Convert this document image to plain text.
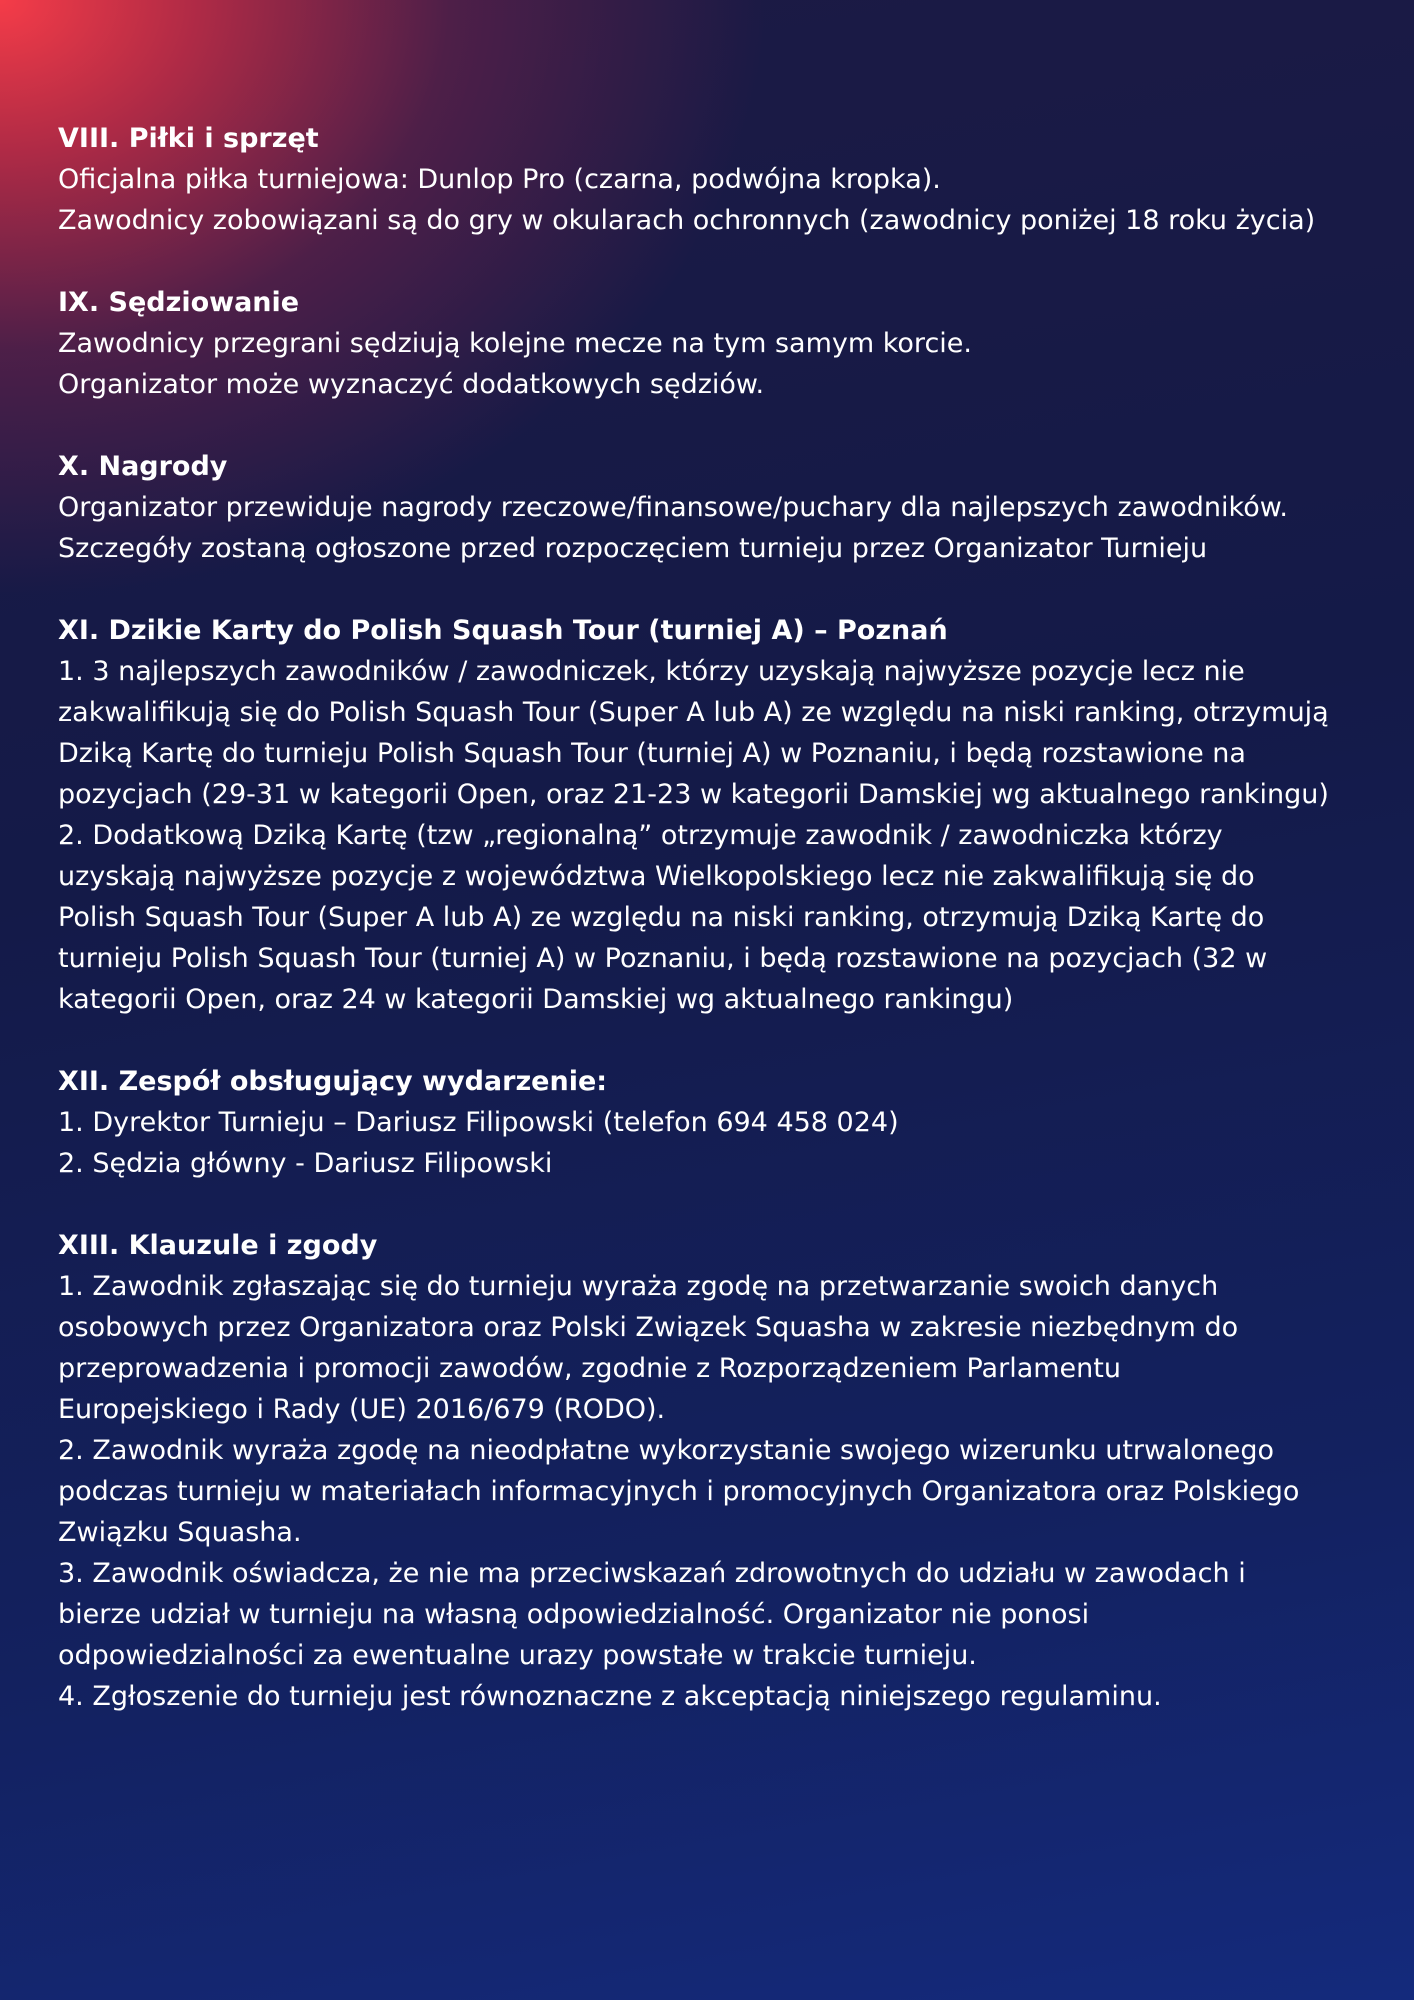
VIII. Piłki i sprzęt

Oficjalna piłka turniejowa: Dunlop Pro (czarna, podwójna kropka).

Zawodnicy zobowiązani są do gry w okularach ochronnych (zawodnicy poniżej 18 roku życia)

IX. Sędziowanie

Zawodnicy przegrani sędziują kolejne mecze na tym samym korcie.

Organizator może wyznaczyć dodatkowych sędziów.

X. Nagrody

Organizator przewiduje nagrody rzeczowe/finansowe/puchary dla najlepszych zawodników.

Szczegóły zostaną ogłoszone przed rozpoczęciem turnieju przez Organizator Turnieju

XI. Dzikie Karty do Polish Squash Tour (turniej A) – Poznań

1. 3 najlepszych zawodników / zawodniczek, którzy uzyskają najwyższe pozycje lecz nie

zakwalifikują się do Polish Squash Tour (Super A lub A) ze względu na niski ranking, otrzymują

Dziką Kartę do turnieju Polish Squash Tour (turniej A) w Poznaniu, i będą rozstawione na

pozycjach (29-31 w kategorii Open, oraz 21-23 w kategorii Damskiej wg aktualnego rankingu)

2. Dodatkową Dziką Kartę (tzw „regionalną” otrzymuje zawodnik / zawodniczka którzy

uzyskają najwyższe pozycje z województwa Wielkopolskiego lecz nie zakwalifikują się do

Polish Squash Tour (Super A lub A) ze względu na niski ranking, otrzymują Dziką Kartę do

turnieju Polish Squash Tour (turniej A) w Poznaniu, i będą rozstawione na pozycjach (32 w

kategorii Open, oraz 24 w kategorii Damskiej wg aktualnego rankingu)

XII. Zespół obsługujący wydarzenie:

1. Dyrektor Turnieju – Dariusz Filipowski (telefon 694 458 024)

2. Sędzia główny - Dariusz Filipowski

XIII. Klauzule i zgody

1. Zawodnik zgłaszając się do turnieju wyraża zgodę na przetwarzanie swoich danych

osobowych przez Organizatora oraz Polski Związek Squasha w zakresie niezbędnym do

przeprowadzenia i promocji zawodów, zgodnie z Rozporządzeniem Parlamentu

Europejskiego i Rady (UE) 2016/679 (RODO).

2. Zawodnik wyraża zgodę na nieodpłatne wykorzystanie swojego wizerunku utrwalonego

podczas turnieju w materiałach informacyjnych i promocyjnych Organizatora oraz Polskiego

Związku Squasha.

3. Zawodnik oświadcza, że nie ma przeciwskazań zdrowotnych do udziału w zawodach i

bierze udział w turnieju na własną odpowiedzialność. Organizator nie ponosi

odpowiedzialności za ewentualne urazy powstałe w trakcie turnieju.

4. Zgłoszenie do turnieju jest równoznaczne z akceptacją niniejszego regulaminu.
